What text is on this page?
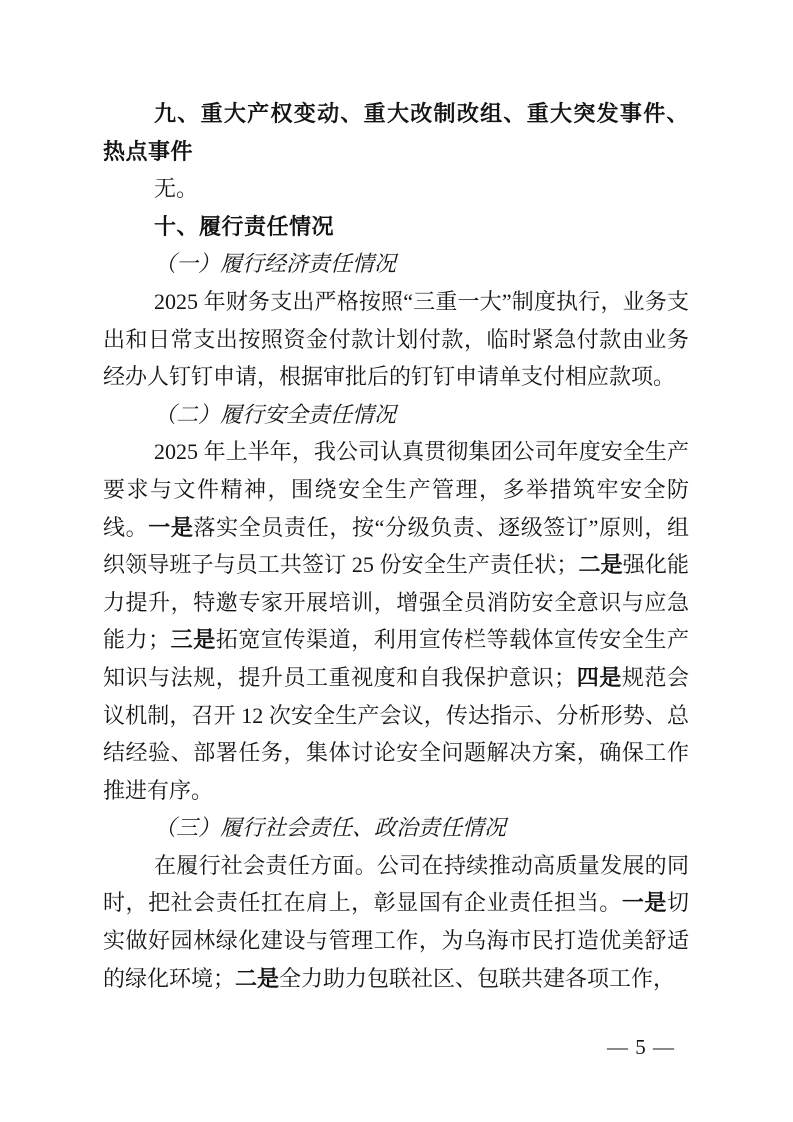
九、重大产权变动、重大改制改组、重大突发事件、热点事件

无。

十、履行责任情况

（一）履行经济责任情况

2025 年财务支出严格按照“三重一大”制度执行，业务支出和日常支出按照资金付款计划付款，临时紧急付款由业务经办人钉钉申请，根据审批后的钉钉申请单支付相应款项。

（二）履行安全责任情况

2025 年上半年，我公司认真贯彻集团公司年度安全生产要求与文件精神，围绕安全生产管理，多举措筑牢安全防线。一是落实全员责任，按“分级负责、逐级签订”原则，组织领导班子与员工共签订 25 份安全生产责任状；二是强化能力提升，特邀专家开展培训，增强全员消防安全意识与应急能力；三是拓宽宣传渠道，利用宣传栏等载体宣传安全生产知识与法规，提升员工重视度和自我保护意识；四是规范会议机制，召开 12 次安全生产会议，传达指示、分析形势、总结经验、部署任务，集体讨论安全问题解决方案，确保工作推进有序。

（三）履行社会责任、政治责任情况

在履行社会责任方面。公司在持续推动高质量发展的同时，把社会责任扛在肩上，彰显国有企业责任担当。一是切实做好园林绿化建设与管理工作，为乌海市民打造优美舒适的绿化环境；二是全力助力包联社区、包联共建各项工作，

— 5 —
